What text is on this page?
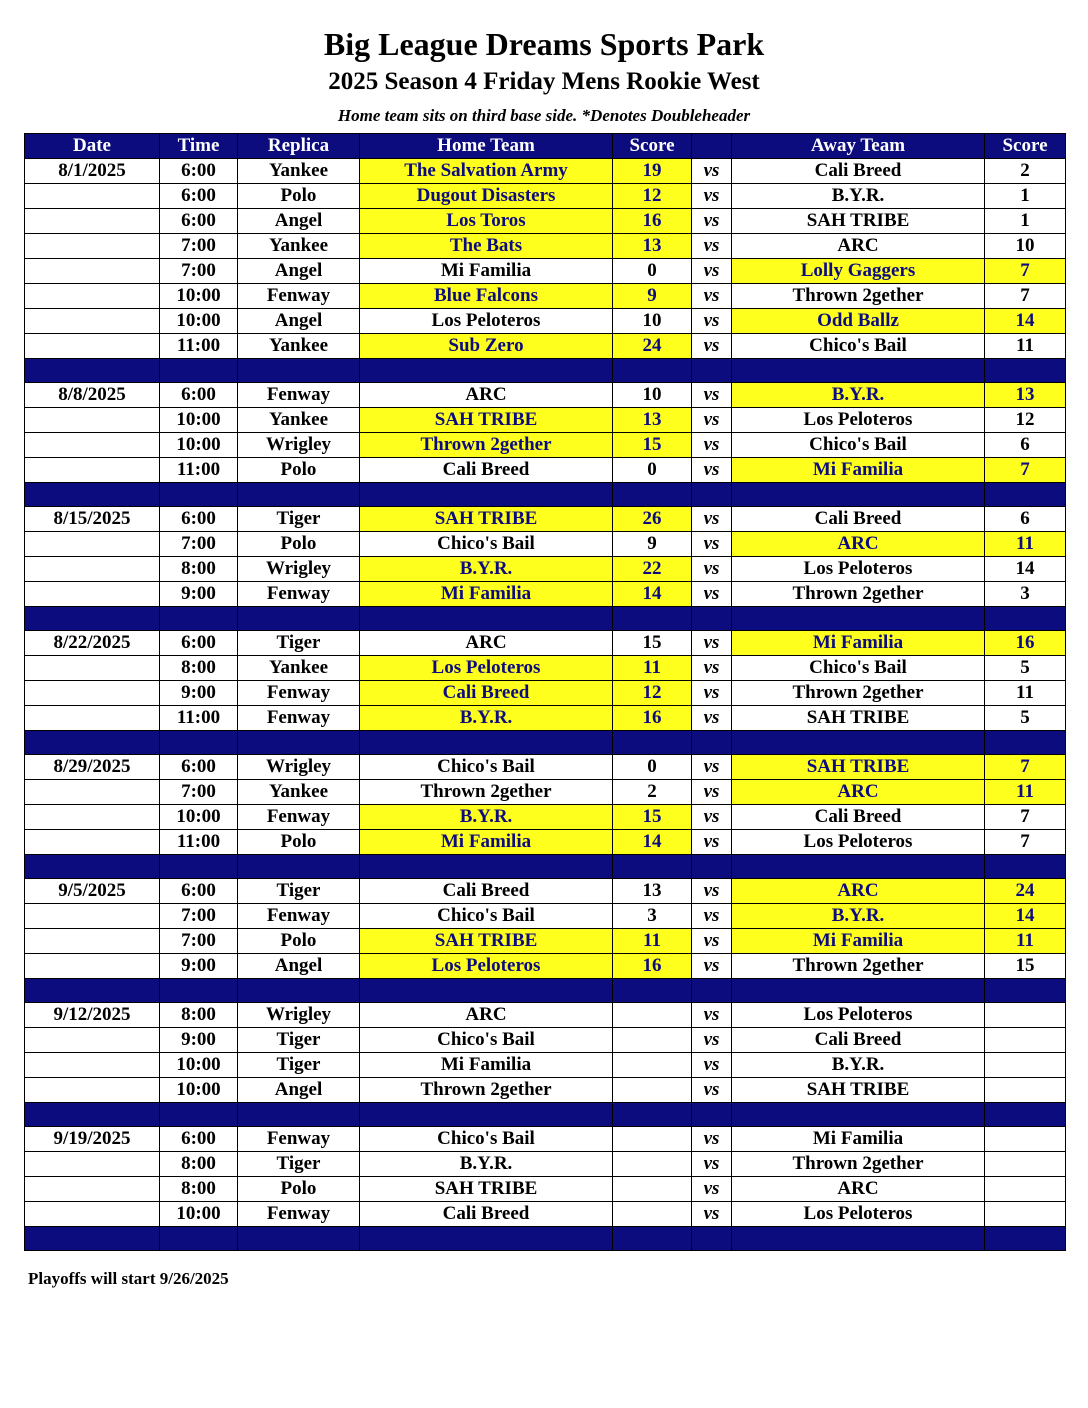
Big League Dreams Sports Park
2025 Season 4 Friday Mens Rookie West
Home team sits on third base side. *Denotes Doubleheader
Date	Time	Replica	Home Team	Score		Away Team	Score
8/1/2025	6:00	Yankee	The Salvation Army	19	vs	Cali Breed	2
	6:00	Polo	Dugout Disasters	12	vs	B.Y.R.	1
	6:00	Angel	Los Toros	16	vs	SAH TRIBE	1
	7:00	Yankee	The Bats	13	vs	ARC	10
	7:00	Angel	Mi Familia	0	vs	Lolly Gaggers	7
	10:00	Fenway	Blue Falcons	9	vs	Thrown 2gether	7
	10:00	Angel	Los Peloteros	10	vs	Odd Ballz	14
	11:00	Yankee	Sub Zero	24	vs	Chico's Bail	11

8/8/2025	6:00	Fenway	ARC	10	vs	B.Y.R.	13
	10:00	Yankee	SAH TRIBE	13	vs	Los Peloteros	12
	10:00	Wrigley	Thrown 2gether	15	vs	Chico's Bail	6
	11:00	Polo	Cali Breed	0	vs	Mi Familia	7

8/15/2025	6:00	Tiger	SAH TRIBE	26	vs	Cali Breed	6
	7:00	Polo	Chico's Bail	9	vs	ARC	11
	8:00	Wrigley	B.Y.R.	22	vs	Los Peloteros	14
	9:00	Fenway	Mi Familia	14	vs	Thrown 2gether	3

8/22/2025	6:00	Tiger	ARC	15	vs	Mi Familia	16
	8:00	Yankee	Los Peloteros	11	vs	Chico's Bail	5
	9:00	Fenway	Cali Breed	12	vs	Thrown 2gether	11
	11:00	Fenway	B.Y.R.	16	vs	SAH TRIBE	5

8/29/2025	6:00	Wrigley	Chico's Bail	0	vs	SAH TRIBE	7
	7:00	Yankee	Thrown 2gether	2	vs	ARC	11
	10:00	Fenway	B.Y.R.	15	vs	Cali Breed	7
	11:00	Polo	Mi Familia	14	vs	Los Peloteros	7

9/5/2025	6:00	Tiger	Cali Breed	13	vs	ARC	24
	7:00	Fenway	Chico's Bail	3	vs	B.Y.R.	14
	7:00	Polo	SAH TRIBE	11	vs	Mi Familia	11
	9:00	Angel	Los Peloteros	16	vs	Thrown 2gether	15

9/12/2025	8:00	Wrigley	ARC		vs	Los Peloteros	
	9:00	Tiger	Chico's Bail		vs	Cali Breed	
	10:00	Tiger	Mi Familia		vs	B.Y.R.	
	10:00	Angel	Thrown 2gether		vs	SAH TRIBE	

9/19/2025	6:00	Fenway	Chico's Bail		vs	Mi Familia	
	8:00	Tiger	B.Y.R.		vs	Thrown 2gether	
	8:00	Polo	SAH TRIBE		vs	ARC	
	10:00	Fenway	Cali Breed		vs	Los Peloteros	

Playoffs will start 9/26/2025
